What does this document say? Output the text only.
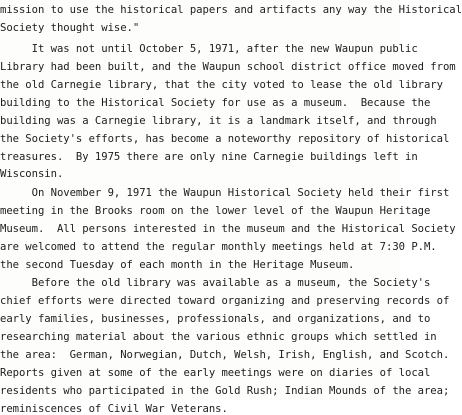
mission to use the historical papers and artifacts any way the Historical
Society thought wise."
It was not until October 5, 1971, after the new Waupun public
Library had been built, and the Waupun school district office moved from
the old Carnegie library, that the city voted to lease the old library
building to the Historical Society for use as a museum.  Because the
building was a Carnegie library, it is a landmark itself, and through
the Society's efforts, has become a noteworthy repository of historical
treasures.  By 1975 there are only nine Carnegie buildings left in
Wisconsin.
On November 9, 1971 the Waupun Historical Society held their first
meeting in the Brooks room on the lower level of the Waupun Heritage
Museum.  All persons interested in the museum and the Historical Society
are welcomed to attend the regular monthly meetings held at 7:30 P.M.
the second Tuesday of each month in the Heritage Museum.
Before the old library was available as a museum, the Society's
chief efforts were directed toward organizing and preserving records of
early families, businesses, professionals, and organizations, and to
researching material about the various ethnic groups which settled in
the area:  German, Norwegian, Dutch, Welsh, Irish, English, and Scotch.
Reports given at some of the early meetings were on diaries of local
residents who participated in the Gold Rush; Indian Mounds of the area;
reminiscences of Civil War Veterans.
